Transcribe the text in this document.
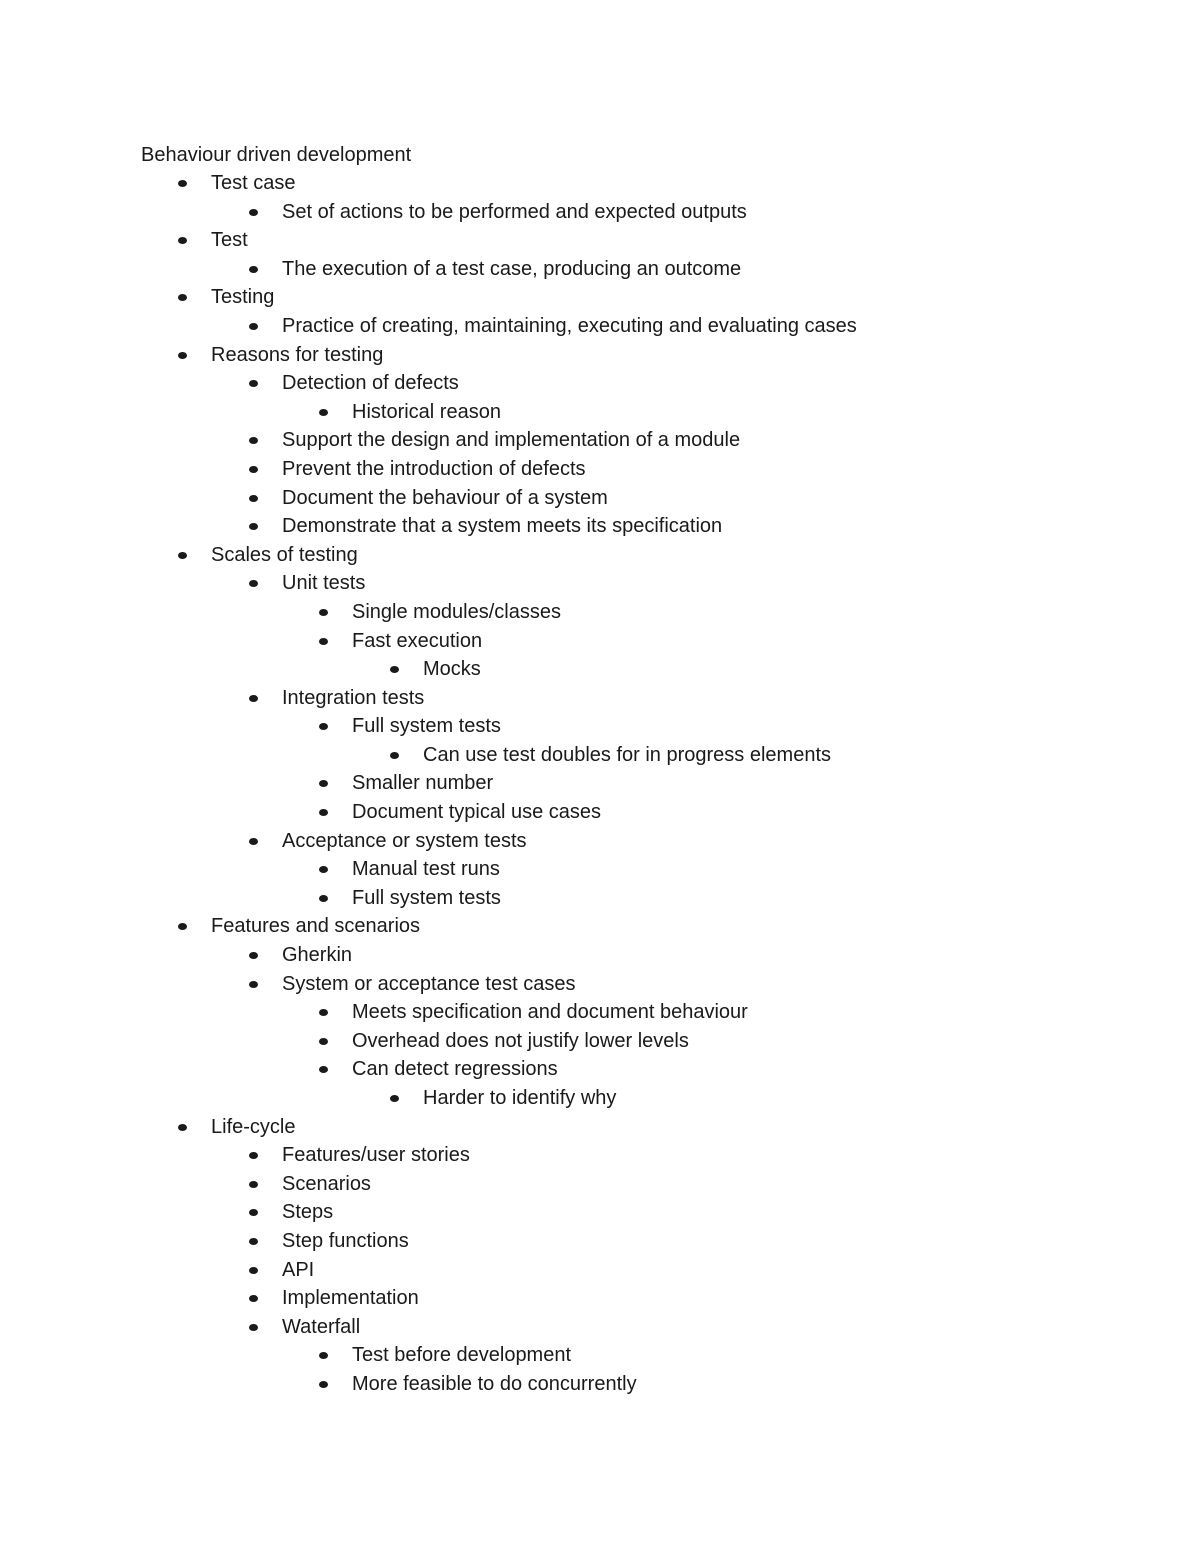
Behaviour driven development
Test case
Set of actions to be performed and expected outputs
Test
The execution of a test case, producing an outcome
Testing
Practice of creating, maintaining, executing and evaluating cases
Reasons for testing
Detection of defects
Historical reason
Support the design and implementation of a module
Prevent the introduction of defects
Document the behaviour of a system
Demonstrate that a system meets its specification
Scales of testing
Unit tests
Single modules/classes
Fast execution
Mocks
Integration tests
Full system tests
Can use test doubles for in progress elements
Smaller number
Document typical use cases
Acceptance or system tests
Manual test runs
Full system tests
Features and scenarios
Gherkin
System or acceptance test cases
Meets specification and document behaviour
Overhead does not justify lower levels
Can detect regressions
Harder to identify why
Life-cycle
Features/user stories
Scenarios
Steps
Step functions
API
Implementation
Waterfall
Test before development
More feasible to do concurrently
